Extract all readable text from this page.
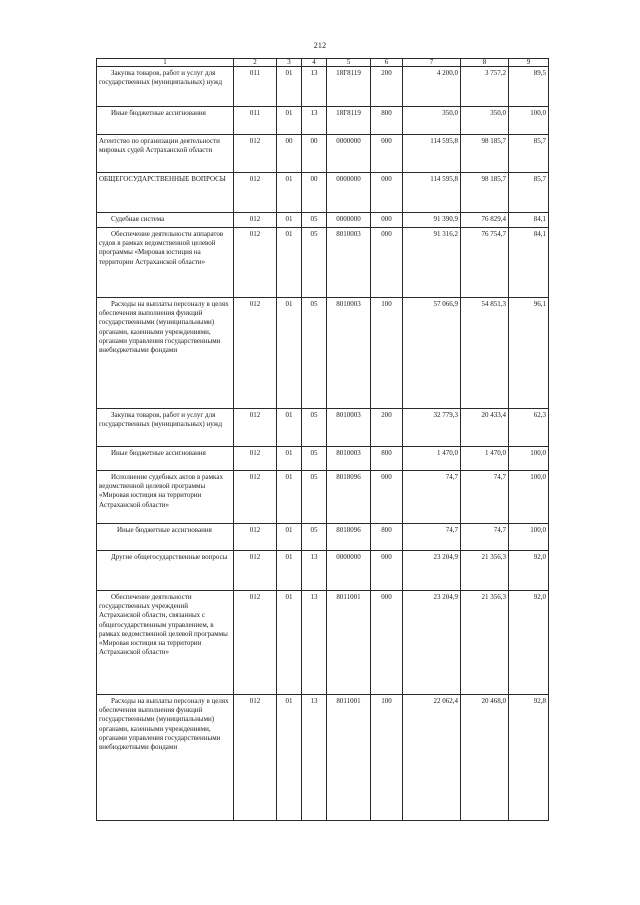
212
1	2	3	4	5	6	7	8	9
Закупка товаров, работ и услуг для государственных (муниципальных) нужд	011	01	13	18Г8119	200	4 200,0	3 757,2	89,5
Иные бюджетные ассигнования	011	01	13	18Г8119	800	350,0	350,0	100,0
Агентство по организации деятельности мировых судей Астраханской области	012	00	00	0000000	000	114 595,8	98 185,7	85,7
ОБЩЕГОСУДАРСТВЕННЫЕ ВОПРОСЫ	012	01	00	0000000	000	114 595,8	98 185,7	85,7
Судебная система	012	01	05	0000000	000	91 390,9	76 829,4	84,1
Обеспечение деятельности аппаратов судов в рамках ведомственной целевой программы «Мировая юстиция на территории Астраханской области»	012	01	05	8010003	000	91 316,2	76 754,7	84,1
Расходы на выплаты персоналу в целях обеспечения выполнения функций государственными (муниципальными) органами, казенными учреждениями, органами управления государственными внебюджетными фондами	012	01	05	8010003	100	57 066,9	54 851,3	96,1
Закупка товаров, работ и услуг для государственных (муниципальных) нужд	012	01	05	8010003	200	32 779,3	20 433,4	62,3
Иные бюджетные ассигнования	012	01	05	8010003	800	1 470,0	1 470,0	100,0
Исполнение судебных актов в рамках ведомственной целевой программы «Мировая юстиция на территории Астраханской области»	012	01	05	8018096	000	74,7	74,7	100,0
Иные бюджетные ассигнования	012	01	05	8018096	800	74,7	74,7	100,0
Другие общегосударственные вопросы	012	01	13	0000000	000	23 204,9	21 356,3	92,0
Обеспечение деятельности государственных учреждений Астраханской области, связанных с общегосударственным управлением, в рамках ведомственной целевой программы «Мировая юстиция на территории Астраханской области»	012	01	13	8011001	000	23 204,9	21 356,3	92,0
Расходы на выплаты персоналу в целях обеспечения выполнения функций государственными (муниципальными) органами, казенными учреждениями, органами управления государственными внебюджетными фондами	012	01	13	8011001	100	22 062,4	20 468,0	92,8
